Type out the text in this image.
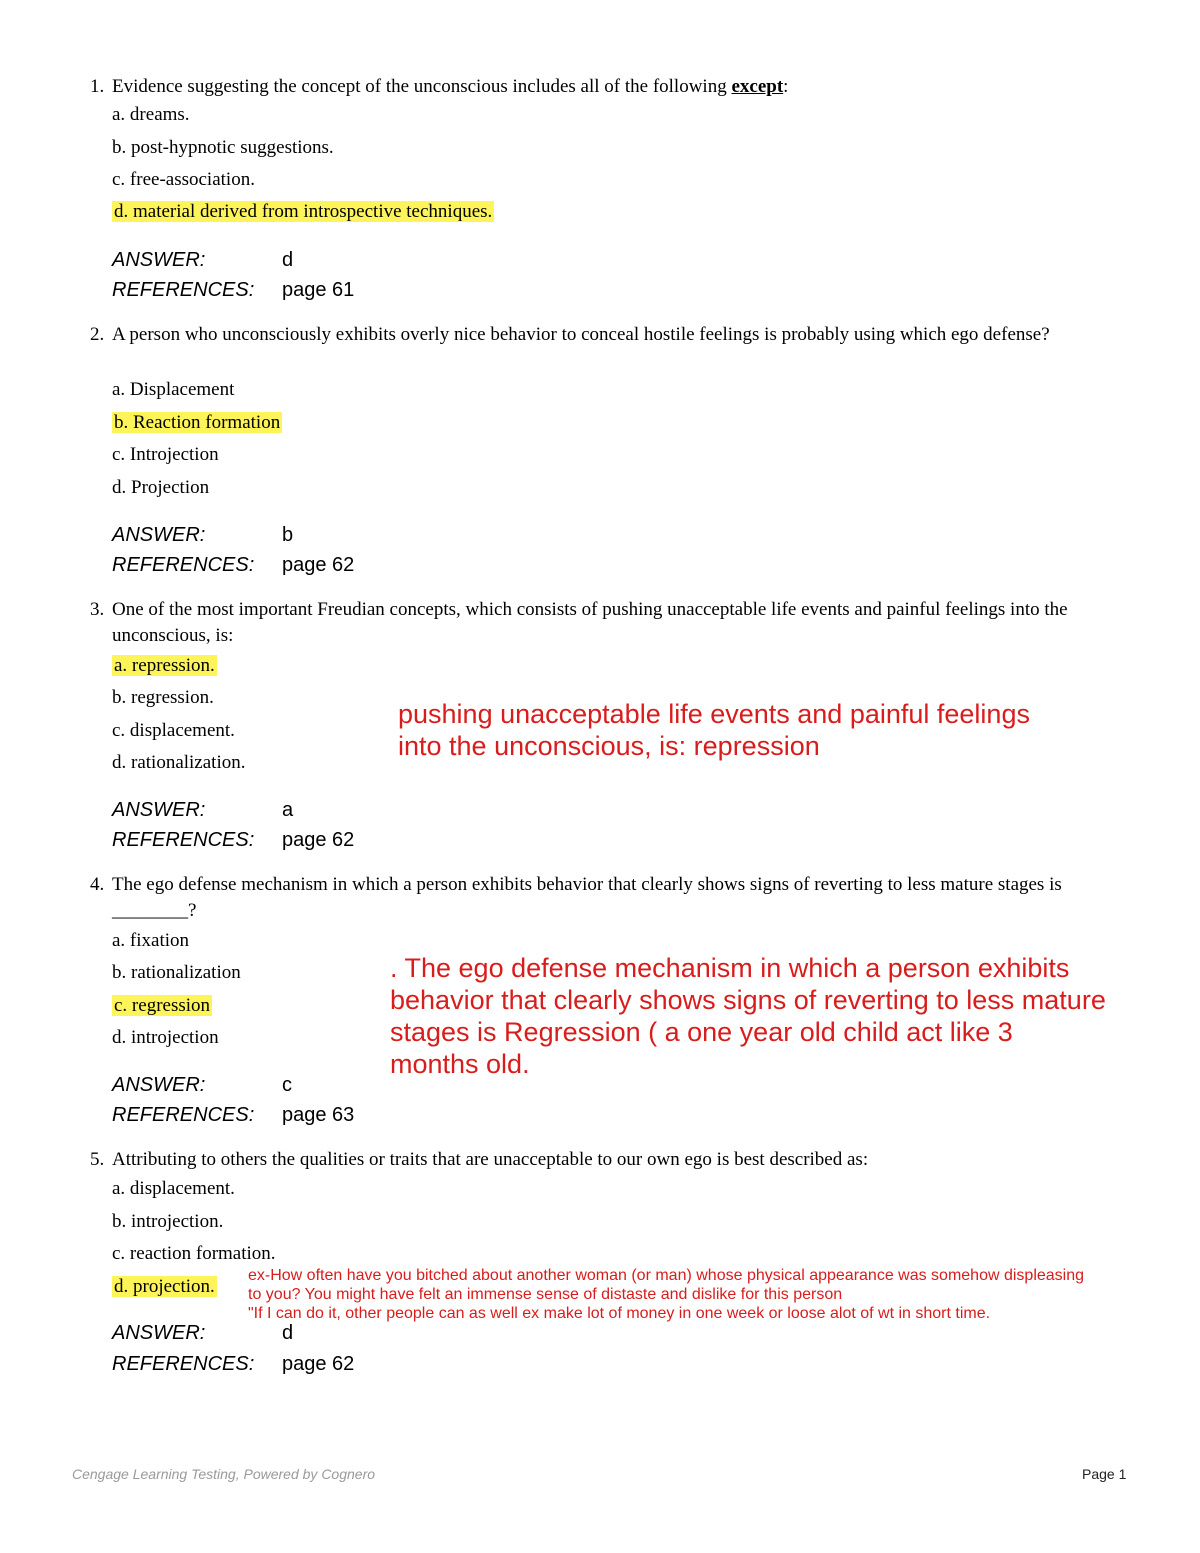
1. Evidence suggesting the concept of the unconscious includes all of the following except:
a. dreams.
b. post-hypnotic suggestions.
c. free-association.
d. material derived from introspective techniques.
ANSWER:	d
REFERENCES: page 61
2. A person who unconsciously exhibits overly nice behavior to conceal hostile feelings is probably using which ego defense?
a. Displacement
b. Reaction formation
c. Introjection
d. Projection
ANSWER:	b
REFERENCES: page 62
3. One of the most important Freudian concepts, which consists of pushing unacceptable life events and painful feelings into the unconscious, is:
a. repression.
b. regression.
c. displacement.
d. rationalization.
ANSWER:	a
REFERENCES: page 62
pushing unacceptable life events and painful feelings
into the unconscious, is: repression
4. The ego defense mechanism in which a person exhibits behavior that clearly shows signs of reverting to less mature stages is ________?
a. fixation
b. rationalization
c. regression
d. introjection
ANSWER:	c
REFERENCES: page 63
. The ego defense mechanism in which a person exhibits
behavior that clearly shows signs of reverting to less mature
stages is Regression ( a one year old child act like 3
months old.
5. Attributing to others the qualities or traits that are unacceptable to our own ego is best described as:
a. displacement.
b. introjection.
c. reaction formation.
d. projection.
ANSWER:	d
REFERENCES: page 62
ex-How often have you bitched about another woman (or man) whose physical appearance was somehow displeasing
to you? You might have felt an immense sense of distaste and dislike for this person
"If I can do it, other people can as well ex make lot of money in one week or loose alot of wt in short time.
Cengage Learning Testing, Powered by Cognero	Page 1
